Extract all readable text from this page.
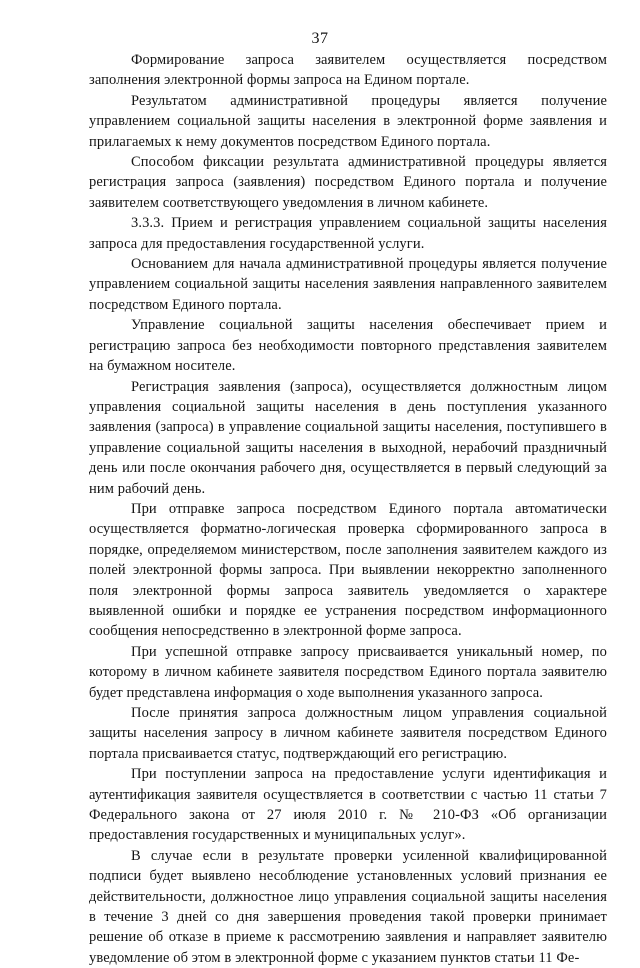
37

Формирование запроса заявителем осуществляется посредством заполнения электронной формы запроса на Едином портале.

Результатом административной процедуры является получение управлением социальной защиты населения в электронной форме заявления и прилагаемых к нему документов посредством Единого портала.

Способом фиксации результата административной процедуры является регистрация запроса (заявления) посредством Единого портала и получение заявителем соответствующего уведомления в личном кабинете.

3.3.3. Прием и регистрация управлением социальной защиты населения запроса для предоставления государственной услуги.

Основанием для начала административной процедуры является получение управлением социальной защиты населения заявления направленного заявителем посредством Единого портала.

Управление социальной защиты населения обеспечивает прием и регистрацию запроса без необходимости повторного представления заявителем на бумажном носителе.

Регистрация заявления (запроса), осуществляется должностным лицом управления социальной защиты населения в день поступления указанного заявления (запроса) в управление социальной защиты населения, поступившего в управление социальной защиты населения в выходной, нерабочий праздничный день или после окончания рабочего дня, осуществляется в первый следующий за ним рабочий день.

При отправке запроса посредством Единого портала автоматически осуществляется форматно-логическая проверка сформированного запроса в порядке, определяемом министерством, после заполнения заявителем каждого из полей электронной формы запроса. При выявлении некорректно заполненного поля электронной формы запроса заявитель уведомляется о характере выявленной ошибки и порядке ее устранения посредством информационного сообщения непосредственно в электронной форме запроса.

При успешной отправке запросу присваивается уникальный номер, по которому в личном кабинете заявителя посредством Единого портала заявителю будет представлена информация о ходе выполнения указанного запроса.

После принятия запроса должностным лицом управления социальной защиты населения запросу в личном кабинете заявителя посредством Единого портала присваивается статус, подтверждающий его регистрацию.

При поступлении запроса на предоставление услуги идентификация и аутентификация заявителя осуществляется в соответствии с частью 11 статьи 7 Федерального закона от 27 июля 2010 г. № 210-ФЗ «Об организации предоставления государственных и муниципальных услуг».

В случае если в результате проверки усиленной квалифицированной подписи будет выявлено несоблюдение установленных условий признания ее действительности, должностное лицо управления социальной защиты населения в течение 3 дней со дня завершения проведения такой проверки принимает решение об отказе в приеме к рассмотрению заявления и направляет заявителю уведомление об этом в электронной форме с указанием пунктов статьи 11 Фе-
